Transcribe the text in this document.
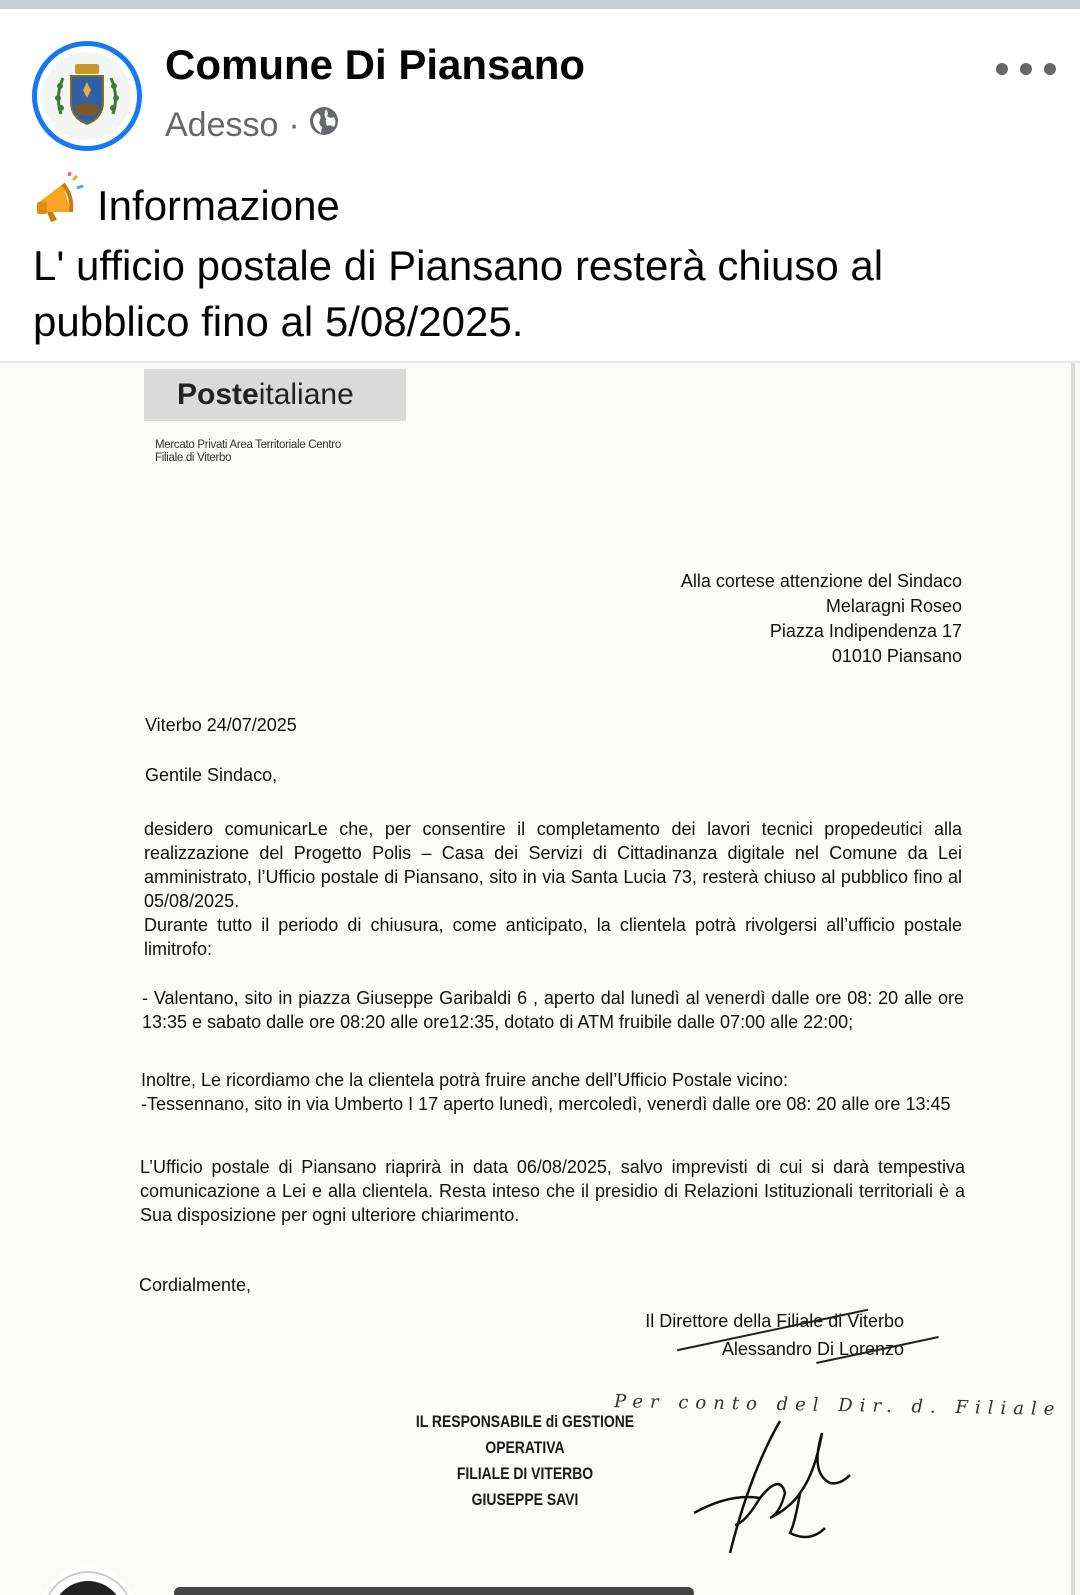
Comune Di Piansano
Adesso ·
Informazione
L' ufficio postale di Piansano resterà chiuso al
pubblico fino al 5/08/2025.
Poste italiane
Mercato Privati Area Territoriale Centro
Filiale di Viterbo
Alla cortese attenzione del Sindaco
Melaragni Roseo
Piazza Indipendenza 17
01010 Piansano
Viterbo 24/07/2025
Gentile Sindaco,
desidero comunicarLe che, per consentire il completamento dei lavori tecnici propedeutici alla realizzazione del Progetto Polis – Casa dei Servizi di Cittadinanza digitale nel Comune da Lei amministrato, l’Ufficio postale di Piansano, sito in via Santa Lucia 73, resterà chiuso al pubblico fino al 05/08/2025.
Durante tutto il periodo di chiusura, come anticipato, la clientela potrà rivolgersi all’ufficio postale limitrofo:
- Valentano, sito in piazza Giuseppe Garibaldi 6 , aperto dal lunedì al venerdì dalle ore 08: 20 alle ore 13:35 e sabato dalle ore 08:20 alle ore12:35, dotato di ATM fruibile dalle 07:00 alle 22:00;
Inoltre, Le ricordiamo che la clientela potrà fruire anche dell’Ufficio Postale vicino:
-Tessennano, sito in via Umberto I 17 aperto lunedì, mercoledì, venerdì dalle ore 08: 20 alle ore 13:45
L’Ufficio postale di Piansano riaprirà in data 06/08/2025, salvo imprevisti di cui si darà tempestiva comunicazione a Lei e alla clientela. Resta inteso che il presidio di Relazioni Istituzionali territoriali è a Sua disposizione per ogni ulteriore chiarimento.
Cordialmente,
Il Direttore della Filiale di Viterbo
Alessandro Di Lorenzo
Per conto del Dir. d. Filiale
IL RESPONSABILE di GESTIONE OPERATIVA
FILIALE DI VITERBO
GIUSEPPE SAVI
